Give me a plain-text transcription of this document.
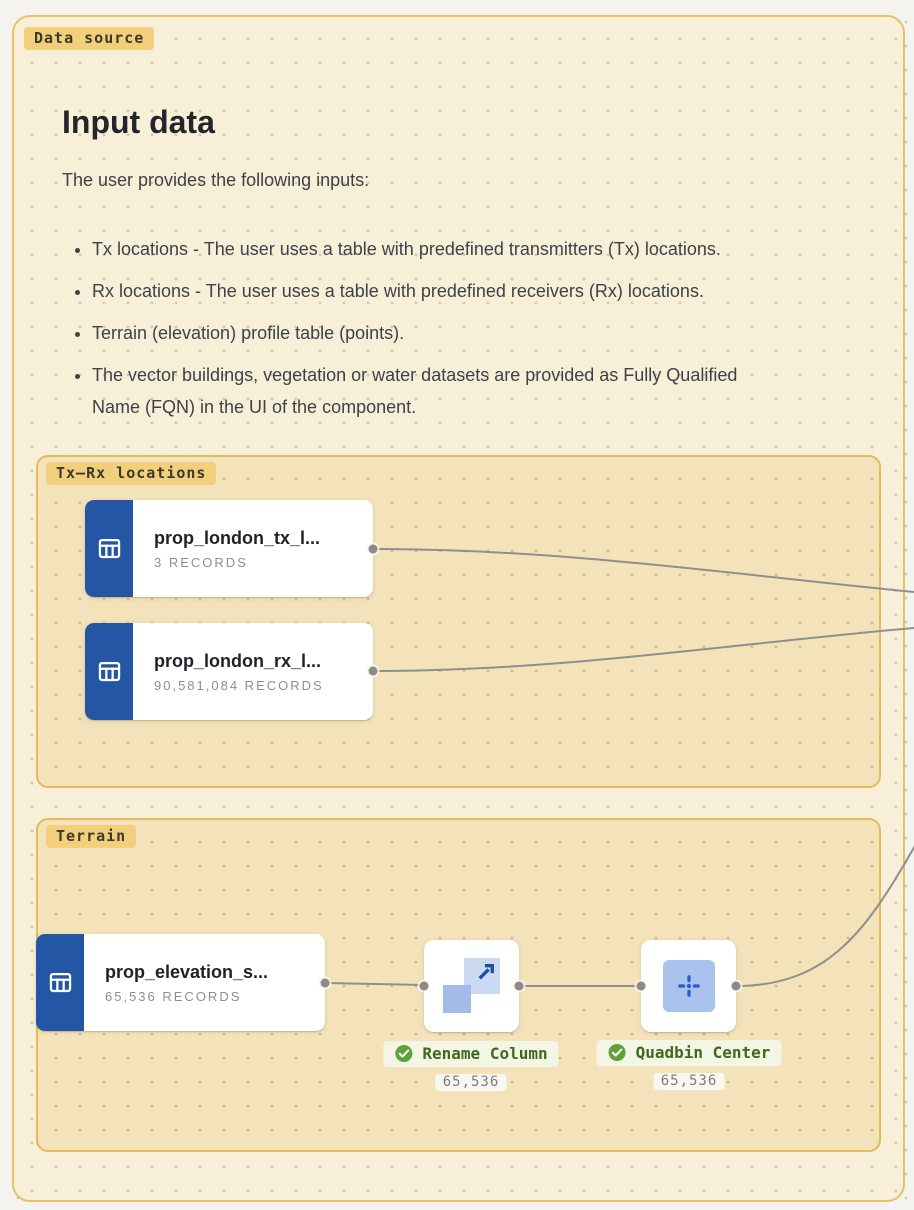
Data source
Input data

The user provides the following inputs:

• Tx locations - The user uses a table with predefined transmitters (Tx) locations.
• Rx locations - The user uses a table with predefined receivers (Rx) locations.
• Terrain (elevation) profile table (points).
• The vector buildings, vegetation or water datasets are provided as Fully Qualified Name (FQN) in the UI of the component.
Tx–Rx locations
Terrain
prop_london_tx_l...
3 RECORDS
prop_london_rx_l...
90,581,084 RECORDS
prop_elevation_s...
65,536 RECORDS
Rename Column
65,536
Quadbin Center
65,536
